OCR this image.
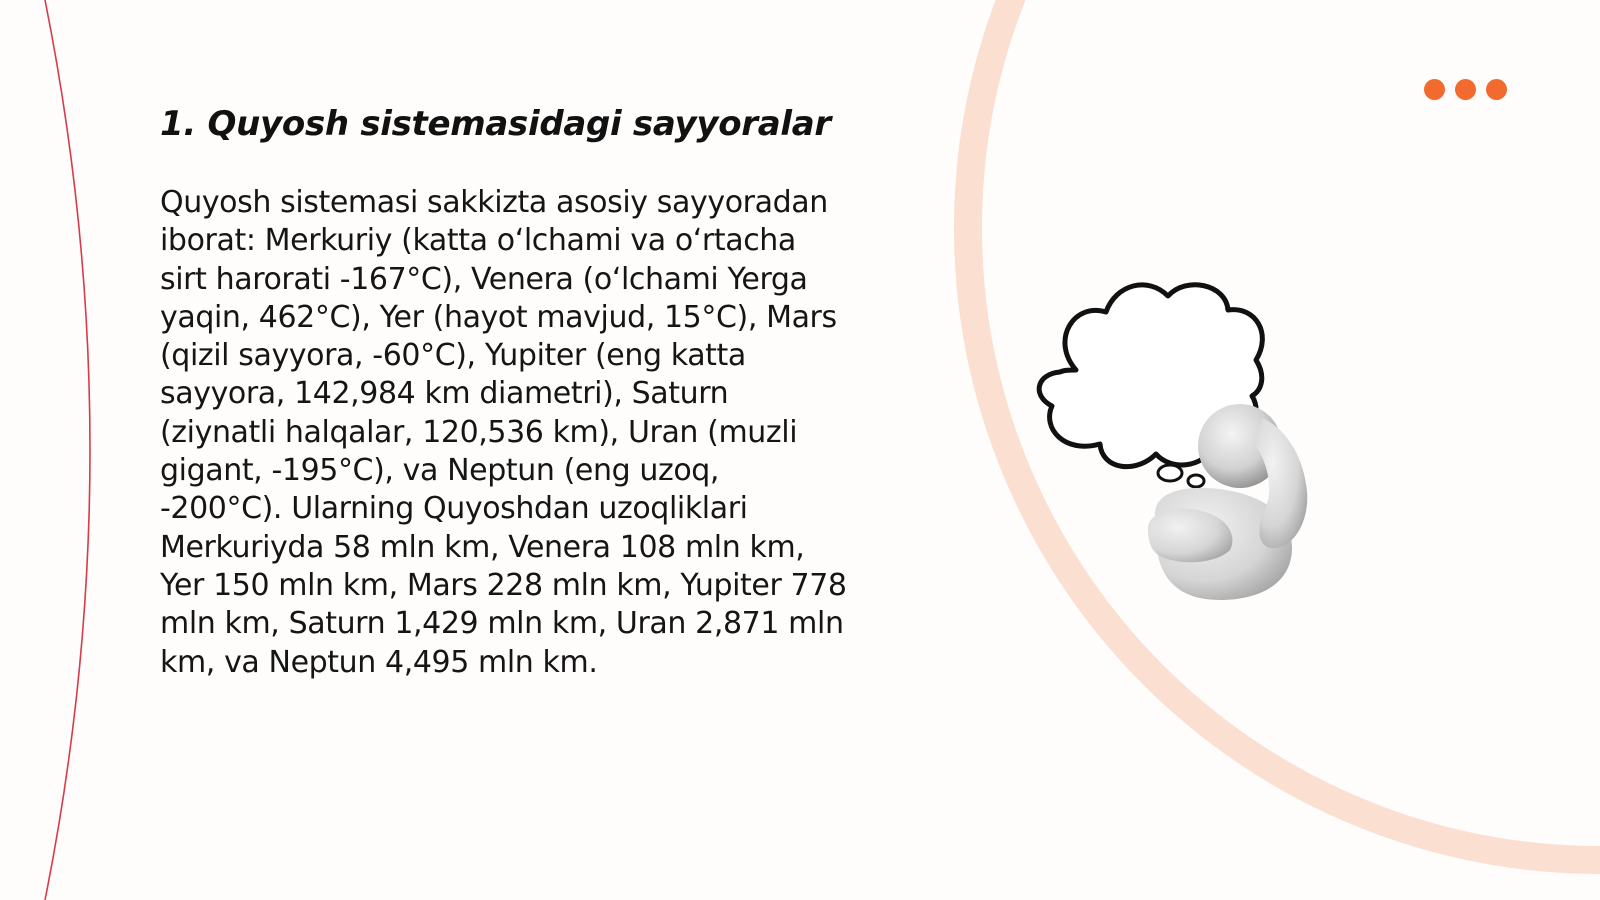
1. Quyosh sistemasidagi sayyoralar

Quyosh sistemasi sakkizta asosiy sayyoradan iborat: Merkuriy (katta oʻlchami va oʻrtacha sirt harorati -167°C), Venera (oʻlchami Yerga yaqin, 462°C), Yer (hayot mavjud, 15°C), Mars (qizil sayyora, -60°C), Yupiter (eng katta sayyora, 142,984 km diametri), Saturn (ziynatli halqalar, 120,536 km), Uran (muzli gigant, -195°C), va Neptun (eng uzoq, -200°C). Ularning Quyoshdan uzoqliklari Merkuriyda 58 mln km, Venera 108 mln km, Yer 150 mln km, Mars 228 mln km, Yupiter 778 mln km, Saturn 1,429 mln km, Uran 2,871 mln km, va Neptun 4,495 mln km.
